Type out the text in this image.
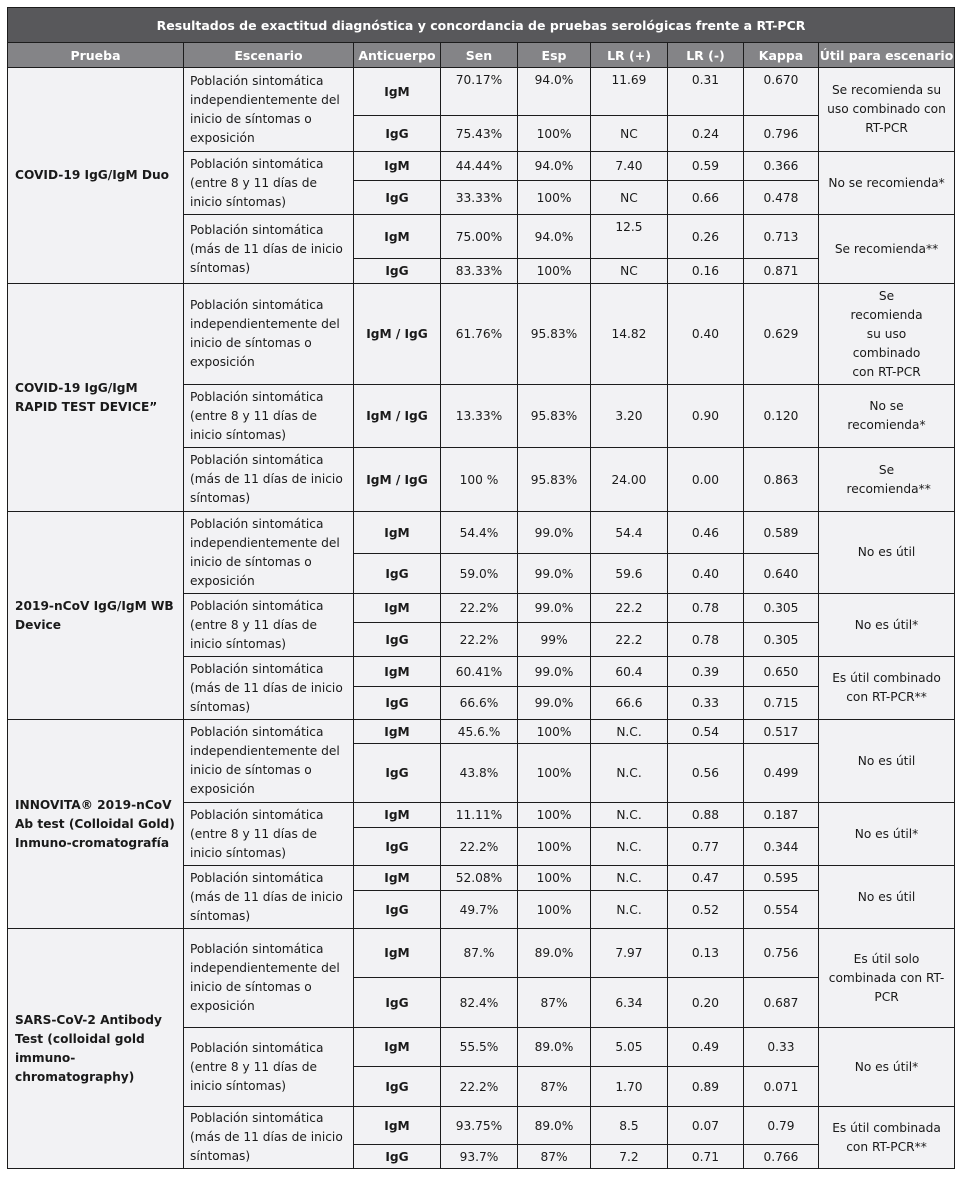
Resultados de exactitud diagnóstica y concordancia de pruebas serológicas frente a RT-PCR								
Prueba	Escenario	Anticuerpo	Sen	Esp	LR (+)	LR (-)	Kappa	Útil para escenario
COVID-19 IgG/IgM Duo	Población sintomática independientemente del inicio de síntomas o exposición	IgM	70.17%	94.0%	11.69	0.31	0.670	Se recomienda su uso combinado con RT-PCR
		IgG	75.43%	100%	NC	0.24	0.796	
	Población sintomática (entre 8 y 11 días de inicio síntomas)	IgM	44.44%	94.0%	7.40	0.59	0.366	No se recomienda*
		IgG	33.33%	100%	NC	0.66	0.478	
	Población sintomática (más de 11 días de inicio síntomas)	IgM	75.00%	94.0%	12.5	0.26	0.713	Se recomienda**
		IgG	83.33%	100%	NC	0.16	0.871	
COVID-19 IgG/IgM RAPID TEST DEVICE”	Población sintomática independientemente del inicio de síntomas o exposición	IgM / IgG	61.76%	95.83%	14.82	0.40	0.629	Se recomienda su uso combinado con RT-PCR
	Población sintomática (entre 8 y 11 días de inicio síntomas)	IgM / IgG	13.33%	95.83%	3.20	0.90	0.120	No se recomienda*
	Población sintomática (más de 11 días de inicio síntomas)	IgM / IgG	100 %	95.83%	24.00	0.00	0.863	Se recomienda**
2019-nCoV IgG/IgM WB Device	Población sintomática independientemente del inicio de síntomas o exposición	IgM	54.4%	99.0%	54.4	0.46	0.589	No es útil
		IgG	59.0%	99.0%	59.6	0.40	0.640	
	Población sintomática (entre 8 y 11 días de inicio síntomas)	IgM	22.2%	99.0%	22.2	0.78	0.305	No es útil*
		IgG	22.2%	99%	22.2	0.78	0.305	
	Población sintomática (más de 11 días de inicio síntomas)	IgM	60.41%	99.0%	60.4	0.39	0.650	Es útil combinado con RT-PCR**
		IgG	66.6%	99.0%	66.6	0.33	0.715	
INNOVITA® 2019-nCoV Ab test (Colloidal Gold) Inmuno-cromatografía	Población sintomática independientemente del inicio de síntomas o exposición	IgM	45.6.%	100%	N.C.	0.54	0.517	No es útil
		IgG	43.8%	100%	N.C.	0.56	0.499	
	Población sintomática (entre 8 y 11 días de inicio síntomas)	IgM	11.11%	100%	N.C.	0.88	0.187	No es útil*
		IgG	22.2%	100%	N.C.	0.77	0.344	
	Población sintomática (más de 11 días de inicio síntomas)	IgM	52.08%	100%	N.C.	0.47	0.595	No es útil
		IgG	49.7%	100%	N.C.	0.52	0.554	
SARS-CoV-2 Antibody Test (colloidal gold immuno-chromatography)	Población sintomática independientemente del inicio de síntomas o exposición	IgM	87.%	89.0%	7.97	0.13	0.756	Es útil solo combinada con RT-PCR
		IgG	82.4%	87%	6.34	0.20	0.687	
	Población sintomática (entre 8 y 11 días de inicio síntomas)	IgM	55.5%	89.0%	5.05	0.49	0.33	No es útil*
		IgG	22.2%	87%	1.70	0.89	0.071	
	Población sintomática (más de 11 días de inicio síntomas)	IgM	93.75%	89.0%	8.5	0.07	0.79	Es útil combinada con RT-PCR**
		IgG	93.7%	87%	7.2	0.71	0.766	
